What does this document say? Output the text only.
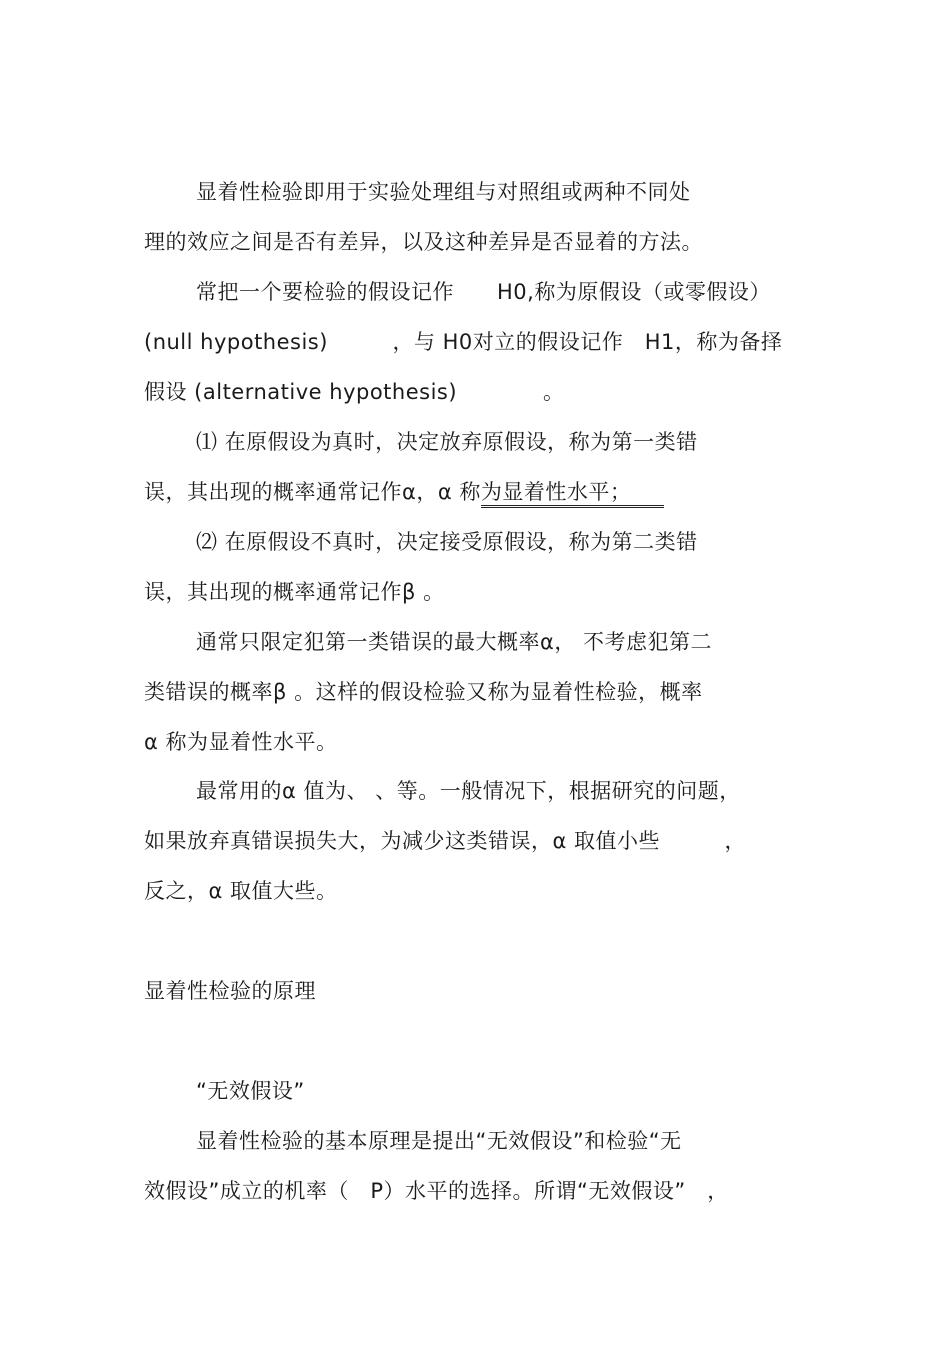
显着性检验即用于实验处理组与对照组或两种不同处
理的效应之间是否有差异，以及这种差异是否显着的方法。
常把一个要检验的假设记作　　H0,称为原假设（或零假设）
(null hypothesis)　　　，与 H0对立的假设记作　H1，称为备择
假设 (alternative hypothesis)　　　　。
⑴ 在原假设为真时，决定放弃原假设，称为第一类错
误，其出现的概率通常记作α，α 称为显着性水平；　　
⑵ 在原假设不真时，决定接受原假设，称为第二类错
误，其出现的概率通常记作β 。
通常只限定犯第一类错误的最大概率α， 不考虑犯第二
类错误的概率β 。这样的假设检验又称为显着性检验，概率
α 称为显着性水平。
最常用的α 值为、 、等。一般情况下，根据研究的问题，
如果放弃真错误损失大，为减少这类错误，α 取值小些　　　，
反之，α 取值大些。
显着性检验的原理
“无效假设”
显着性检验的基本原理是提出“无效假设”和检验“无
效假设”成立的机率（　P）水平的选择。所谓“无效假设”　，
